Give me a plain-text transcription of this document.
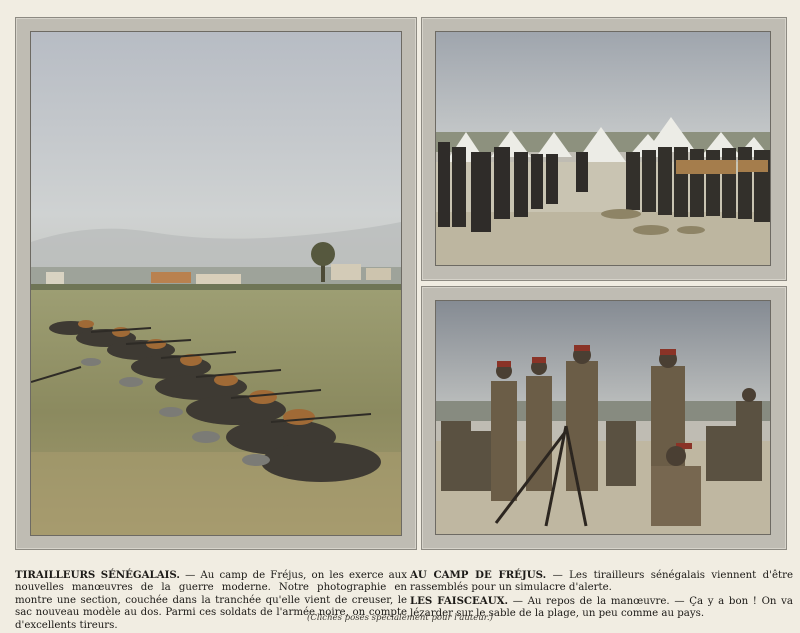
TIRAILLEURS SÉNÉGALAIS. — Au camp de Fréjus, on les exerce aux nouvelles manœuvres de la guerre moderne. Notre photographie en montre une section, couchée dans la tranchée qu'elle vient de creuser, le sac nouveau modèle au dos. Parmi ces soldats de l'armée noire, on compte d'excellents tireurs.
AU CAMP DE FRÉJUS. — Les tirailleurs sénégalais viennent d'être rassemblés pour un simulacre d'alerte.
LES FAISCEAUX. — Au repos de la manœuvre. — Ça y a bon ! On va lézarder sur le sable de la plage, un peu comme au pays.
(Clichés posés spécialement pour l'auteur.)
